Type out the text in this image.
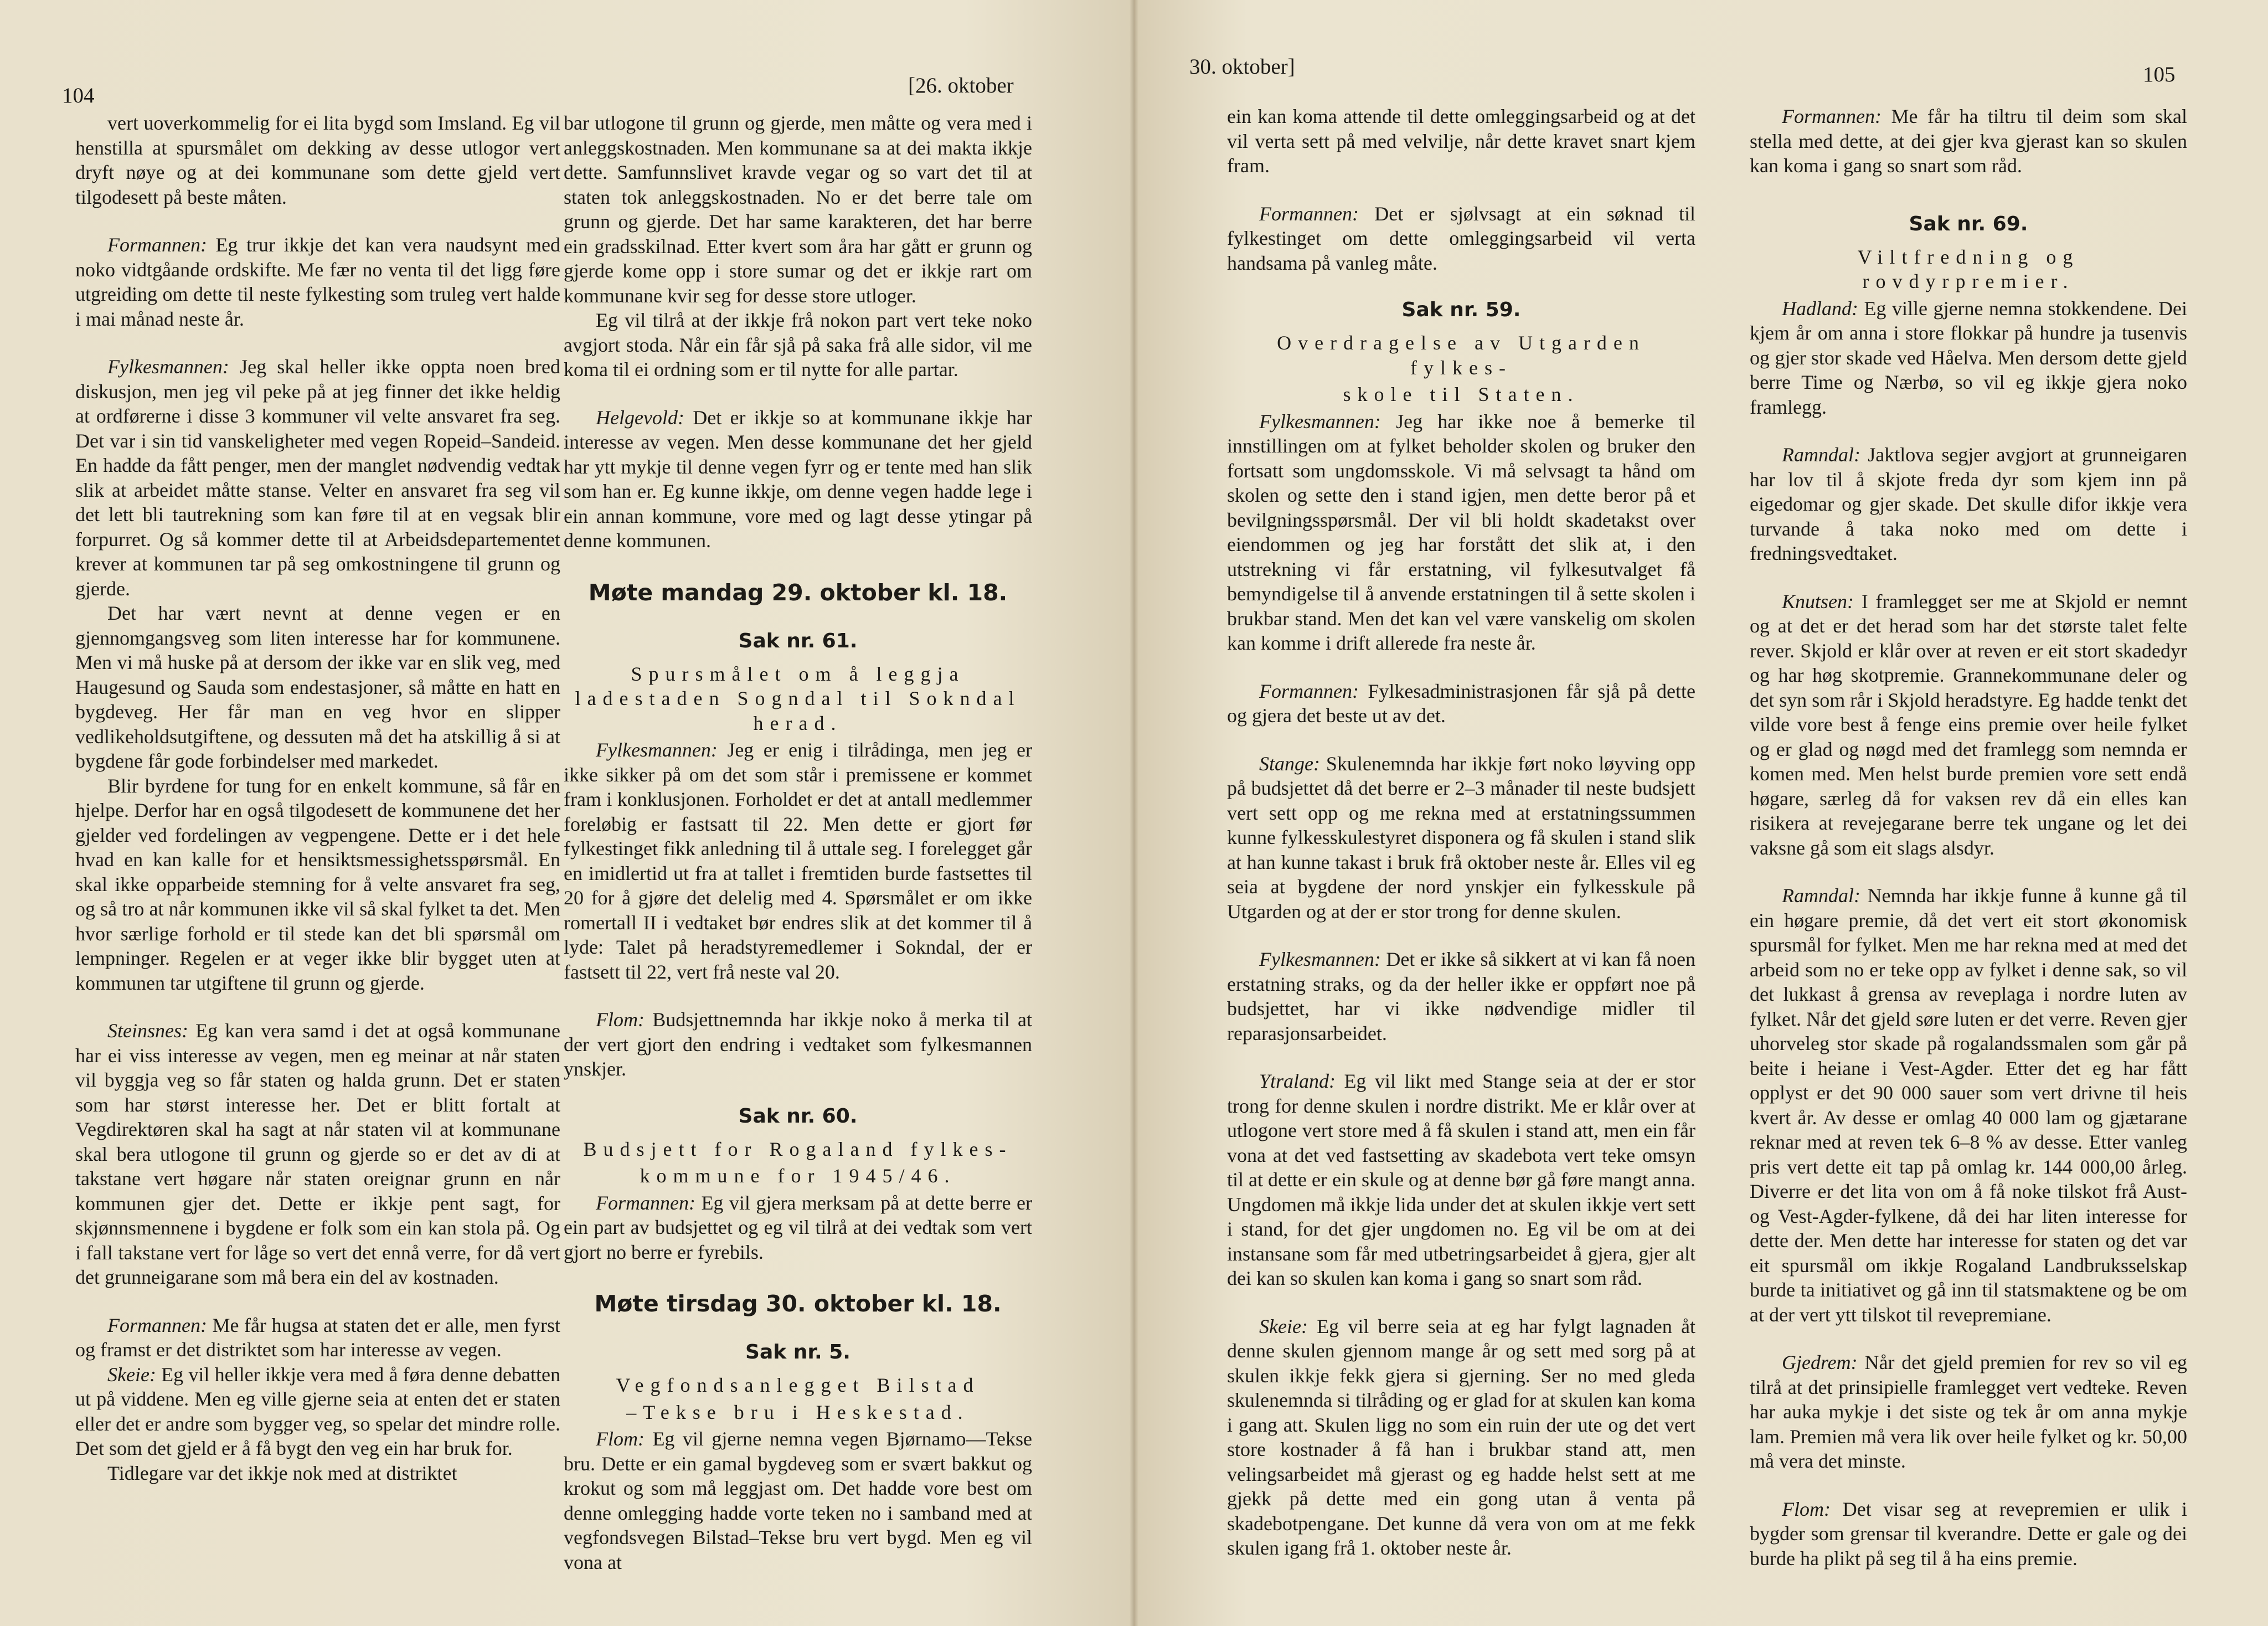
104	[26. oktober
30. oktober]	105

vert uoverkommelig for ei lita bygd som Imsland. Eg vil henstilla at spursmålet om dekking av desse utlogor vert dryft nøye og at dei kommunane som dette gjeld vert tilgodesett på beste måten.

Formannen: Eg trur ikkje det kan vera naudsynt med noko vidtgåande ordskifte. Me fær no venta til det ligg føre utgreiding om dette til neste fylkesting som truleg vert halde i mai månad neste år.

Fylkesmannen: Jeg skal heller ikke oppta noen bred diskusjon, men jeg vil peke på at jeg finner det ikke heldig at ordførerne i disse 3 kommuner vil velte ansvaret fra seg. Det var i sin tid vanskeligheter med vegen Ropeid–Sandeid. En hadde da fått penger, men der manglet nødvendig vedtak slik at arbeidet måtte stanse. Velter en ansvaret fra seg vil det lett bli tautrekning som kan føre til at en vegsak blir forpurret. Og så kommer dette til at Arbeidsdepartementet krever at kommunen tar på seg omkostningene til grunn og gjerde.

Det har vært nevnt at denne vegen er en gjennomgangsveg som liten interesse har for kommunene. Men vi må huske på at dersom der ikke var en slik veg, med Haugesund og Sauda som endestasjoner, så måtte en hatt en bygdeveg. Her får man en veg hvor en slipper vedlikeholdsutgiftene, og dessuten må det ha atskillig å si at bygdene får gode forbindelser med markedet.

Blir byrdene for tung for en enkelt kommune, så får en hjelpe. Derfor har en også tilgodesett de kommunene det her gjelder ved fordelingen av vegpengene. Dette er i det hele hvad en kan kalle for et hensiktsmessighetsspørsmål. En skal ikke opparbeide stemning for å velte ansvaret fra seg, og så tro at når kommunen ikke vil så skal fylket ta det. Men hvor særlige forhold er til stede kan det bli spørsmål om lempninger. Regelen er at veger ikke blir bygget uten at kommunen tar utgiftene til grunn og gjerde.

Steinsnes: Eg kan vera samd i det at også kommunane har ei viss interesse av vegen, men eg meinar at når staten vil byggja veg so får staten og halda grunn. Det er staten som har størst interesse her. Det er blitt fortalt at Vegdirektøren skal ha sagt at når staten vil at kommunane skal bera utlogone til grunn og gjerde so er det av di at takstane vert høgare når staten oreignar grunn en når kommunen gjer det. Dette er ikkje pent sagt, for skjønnsmennene i bygdene er folk som ein kan stola på. Og i fall takstane vert for låge so vert det ennå verre, for då vert det grunneigarane som må bera ein del av kostnaden.

Formannen: Me får hugsa at staten det er alle, men fyrst og framst er det distriktet som har interesse av vegen.

Skeie: Eg vil heller ikkje vera med å føra denne debatten ut på viddene. Men eg ville gjerne seia at enten det er staten eller det er andre som bygger veg, so spelar det mindre rolle. Det som det gjeld er å få bygt den veg ein har bruk for.

Tidlegare var det ikkje nok med at distriktet

bar utlogone til grunn og gjerde, men måtte og vera med i anleggskostnaden. Men kommunane sa at dei makta ikkje dette. Samfunnslivet kravde vegar og so vart det til at staten tok anleggskostnaden. No er det berre tale om grunn og gjerde. Det har same karakteren, det har berre ein gradsskilnad. Etter kvert som åra har gått er grunn og gjerde kome opp i store sumar og det er ikkje rart om kommunane kvir seg for desse store utloger.

Eg vil tilrå at der ikkje frå nokon part vert teke noko avgjort stoda. Når ein får sjå på saka frå alle sidor, vil me koma til ei ordning som er til nytte for alle partar.

Helgevold: Det er ikkje so at kommunane ikkje har interesse av vegen. Men desse kommunane det her gjeld har ytt mykje til denne vegen fyrr og er tente med han slik som han er. Eg kunne ikkje, om denne vegen hadde lege i ein annan kommune, vore med og lagt desse ytingar på denne kommunen.

Møte mandag 29. oktober kl. 18.
Sak nr. 61.
Spursmålet om å leggja ladestaden Sogndal til Sokndal herad.

Fylkesmannen: Jeg er enig i tilrådinga, men jeg er ikke sikker på om det som står i premissene er kommet fram i konklusjonen. Forholdet er det at antall medlemmer foreløbig er fastsatt til 22. Men dette er gjort før fylkestinget fikk anledning til å uttale seg. I forelegget går en imidlertid ut fra at tallet i fremtiden burde fastsettes til 20 for å gjøre det delelig med 4. Spørsmålet er om ikke romertall II i vedtaket bør endres slik at det kommer til å lyde: Talet på heradstyremedlemer i Sokndal, der er fastsett til 22, vert frå neste val 20.

Flom: Budsjettnemnda har ikkje noko å merka til at der vert gjort den endring i vedtaket som fylkesmannen ynskjer.

Sak nr. 60.
Budsjett for Rogaland fylkes-
kommune for 1945/46.

Formannen: Eg vil gjera merksam på at dette berre er ein part av budsjettet og eg vil tilrå at dei vedtak som vert gjort no berre er fyrebils.

Møte tirsdag 30. oktober kl. 18.
Sak nr. 5.
Vegfondsanlegget Bilstad
–Tekse bru i Heskestad.

Flom: Eg vil gjerne nemna vegen Bjørnamo—Tekse bru. Dette er ein gamal bygdeveg som er svært bakkut og krokut og som må leggjast om. Det hadde vore best om denne omlegging hadde vorte teken no i samband med at vegfondsvegen Bilstad–Tekse bru vert bygd. Men eg vil vona at

ein kan koma attende til dette omleggingsarbeid og at det vil verta sett på med velvilje, når dette kravet snart kjem fram.

Formannen: Det er sjølvsagt at ein søknad til fylkestinget om dette omleggingsarbeid vil verta handsama på vanleg måte.

Sak nr. 59.
Overdragelse av Utgarden fylkes-
skole til Staten.

Fylkesmannen: Jeg har ikke noe å bemerke til innstillingen om at fylket beholder skolen og bruker den fortsatt som ungdomsskole. Vi må selvsagt ta hånd om skolen og sette den i stand igjen, men dette beror på et bevilgningsspørsmål. Der vil bli holdt skadetakst over eiendommen og jeg har forstått det slik at, i den utstrekning vi får erstatning, vil fylkesutvalget få bemyndigelse til å anvende erstatningen til å sette skolen i brukbar stand. Men det kan vel være vanskelig om skolen kan komme i drift allerede fra neste år.

Formannen: Fylkesadministrasjonen får sjå på dette og gjera det beste ut av det.

Stange: Skulenemnda har ikkje ført noko løyving opp på budsjettet då det berre er 2–3 månader til neste budsjett vert sett opp og me rekna med at erstatningssummen kunne fylkesskulestyret disponera og få skulen i stand slik at han kunne takast i bruk frå oktober neste år. Elles vil eg seia at bygdene der nord ynskjer ein fylkesskule på Utgarden og at der er stor trong for denne skulen.

Fylkesmannen: Det er ikke så sikkert at vi kan få noen erstatning straks, og da der heller ikke er oppført noe på budsjettet, har vi ikke nødvendige midler til reparasjonsarbeidet.

Ytraland: Eg vil likt med Stange seia at der er stor trong for denne skulen i nordre distrikt. Me er klår over at utlogone vert store med å få skulen i stand att, men ein får vona at det ved fastsetting av skadebota vert teke omsyn til at dette er ein skule og at denne bør gå føre mangt anna. Ungdomen må ikkje lida under det at skulen ikkje vert sett i stand, for det gjer ungdomen no. Eg vil be om at dei instansane som får med utbetringsarbeidet å gjera, gjer alt dei kan so skulen kan koma i gang so snart som råd.

Skeie: Eg vil berre seia at eg har fylgt lagnaden åt denne skulen gjennom mange år og sett med sorg på at skulen ikkje fekk gjera si gjerning. Ser no med gleda skulenemnda si tilråding og er glad for at skulen kan koma i gang att. Skulen ligg no som ein ruin der ute og det vert store kostnader å få han i brukbar stand att, men velingsarbeidet må gjerast og eg hadde helst sett at me gjekk på dette med ein gong utan å venta på skadebotpengane. Det kunne då vera von om at me fekk skulen igang frå 1. oktober neste år.

Formannen: Me får ha tiltru til deim som skal stella med dette, at dei gjer kva gjerast kan so skulen kan koma i gang so snart som råd.

Sak nr. 69.
Viltfredning og rovdyrpremier.

Hadland: Eg ville gjerne nemna stokkendene. Dei kjem år om anna i store flokkar på hundre ja tusenvis og gjer stor skade ved Håelva. Men dersom dette gjeld berre Time og Nærbø, so vil eg ikkje gjera noko framlegg.

Ramndal: Jaktlova segjer avgjort at grunneigaren har lov til å skjote freda dyr som kjem inn på eigedomar og gjer skade. Det skulle difor ikkje vera turvande å taka noko med om dette i fredningsvedtaket.

Knutsen: I framlegget ser me at Skjold er nemnt og at det er det herad som har det største talet felte rever. Skjold er klår over at reven er eit stort skadedyr og har høg skotpremie. Grannekommunane deler og det syn som rår i Skjold heradstyre. Eg hadde tenkt det vilde vore best å fenge eins premie over heile fylket og er glad og nøgd med det framlegg som nemnda er komen med. Men helst burde premien vore sett endå høgare, særleg då for vaksen rev då ein elles kan risikera at revejegarane berre tek ungane og let dei vaksne gå som eit slags alsdyr.

Ramndal: Nemnda har ikkje funne å kunne gå til ein høgare premie, då det vert eit stort økonomisk spursmål for fylket. Men me har rekna med at med det arbeid som no er teke opp av fylket i denne sak, so vil det lukkast å grensa av reveplaga i nordre luten av fylket. Når det gjeld søre luten er det verre. Reven gjer uhorveleg stor skade på rogalandssmalen som går på beite i heiane i Vest-Agder. Etter det eg har fått opplyst er det 90 000 sauer som vert drivne til heis kvert år. Av desse er omlag 40 000 lam og gjætarane reknar med at reven tek 6–8 % av desse. Etter vanleg pris vert dette eit tap på omlag kr. 144 000,00 årleg. Diverre er det lita von om å få noke tilskot frå Aust- og Vest-Agder-fylkene, då dei har liten interesse for dette der. Men dette har interesse for staten og det var eit spursmål om ikkje Rogaland Landbruksselskap burde ta initiativet og gå inn til statsmaktene og be om at der vert ytt tilskot til revepremiane.

Gjedrem: Når det gjeld premien for rev so vil eg tilrå at det prinsipielle framlegget vert vedteke. Reven har auka mykje i det siste og tek år om anna mykje lam. Premien må vera lik over heile fylket og kr. 50,00 må vera det minste.

Flom: Det visar seg at revepremien er ulik i bygder som grensar til kverandre. Dette er gale og dei burde ha plikt på seg til å ha eins premie.
